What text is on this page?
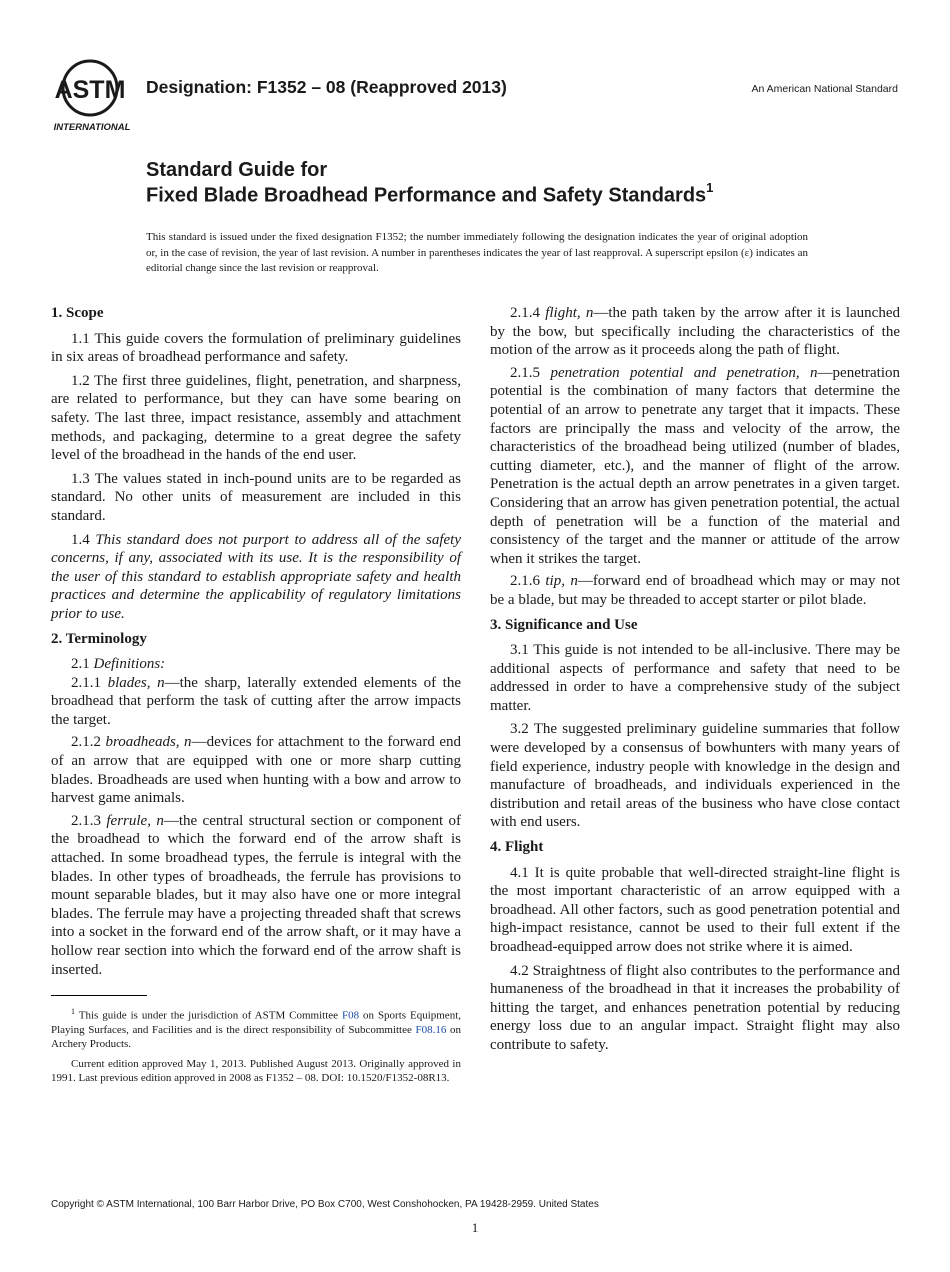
ASTM
INTERNATIONAL
Designation: F1352 – 08 (Reapproved 2013)	An American National Standard
Standard Guide for
Fixed Blade Broadhead Performance and Safety Standards$^1$
This standard is issued under the fixed designation F1352; the number immediately following the designation indicates the year of original adoption or, in the case of revision, the year of last revision. A number in parentheses indicates the year of last reapproval. A superscript epsilon (ε) indicates an editorial change since the last revision or reapproval.
1. Scope

1.1 This guide covers the formulation of preliminary guidelines in six areas of broadhead performance and safety.

1.2 The first three guidelines, flight, penetration, and sharpness, are related to performance, but they can have some bearing on safety. The last three, impact resistance, assembly and attachment methods, and packaging, determine to a great degree the safety level of the broadhead in the hands of the end user.

1.3 The values stated in inch-pound units are to be regarded as standard. No other units of measurement are included in this standard.

1.4 This standard does not purport to address all of the safety concerns, if any, associated with its use. It is the responsibility of the user of this standard to establish appropriate safety and health practices and determine the applicability of regulatory limitations prior to use.

2. Terminology

2.1 Definitions:

2.1.1 blades, n—the sharp, laterally extended elements of the broadhead that perform the task of cutting after the arrow impacts the target.

2.1.2 broadheads, n—devices for attachment to the forward end of an arrow that are equipped with one or more sharp cutting blades. Broadheads are used when hunting with a bow and arrow to harvest game animals.

2.1.3 ferrule, n—the central structural section or component of the broadhead to which the forward end of the arrow shaft is attached. In some broadhead types, the ferrule is integral with the blades. In other types of broadheads, the ferrule has provisions to mount separable blades, but it may also have one or more integral blades. The ferrule may have a projecting threaded shaft that screws into a socket in the forward end of the arrow shaft, or it may have a hollow rear section into which the forward end of the arrow shaft is inserted.

$^1$ This guide is under the jurisdiction of ASTM Committee F08 on Sports Equipment, Playing Surfaces, and Facilities and is the direct responsibility of Subcommittee F08.16 on Archery Products.

Current edition approved May 1, 2013. Published August 2013. Originally approved in 1991. Last previous edition approved in 2008 as F1352 – 08. DOI: 10.1520/F1352-08R13.

2.1.4 flight, n—the path taken by the arrow after it is launched by the bow, but specifically including the characteristics of the motion of the arrow as it proceeds along the path of flight.

2.1.5 penetration potential and penetration, n—penetration potential is the combination of many factors that determine the potential of an arrow to penetrate any target that it impacts. These factors are principally the mass and velocity of the arrow, the characteristics of the broadhead being utilized (number of blades, cutting diameter, etc.), and the manner of flight of the arrow. Penetration is the actual depth an arrow penetrates in a given target. Considering that an arrow has given penetration potential, the actual depth of penetration will be a function of the material and consistency of the target and the manner or attitude of the arrow when it strikes the target.

2.1.6 tip, n—forward end of broadhead which may or may not be a blade, but may be threaded to accept starter or pilot blade.

3. Significance and Use

3.1 This guide is not intended to be all-inclusive. There may be additional aspects of performance and safety that need to be addressed in order to have a comprehensive study of the subject matter.

3.2 The suggested preliminary guideline summaries that follow were developed by a consensus of bowhunters with many years of field experience, industry people with knowledge in the design and manufacture of broadheads, and individuals experienced in the distribution and retail areas of the business who have close contact with end users.

4. Flight

4.1 It is quite probable that well-directed straight-line flight is the most important characteristic of an arrow equipped with a broadhead. All other factors, such as good penetration potential and high-impact resistance, cannot be used to their full extent if the broadhead-equipped arrow does not strike where it is aimed.

4.2 Straightness of flight also contributes to the performance and humaneness of the broadhead in that it increases the probability of hitting the target, and enhances penetration potential by reducing energy loss due to an angular impact. Straight flight may also contribute to safety.

Copyright © ASTM International, 100 Barr Harbor Drive, PO Box C700, West Conshohocken, PA 19428-2959. United States
1
